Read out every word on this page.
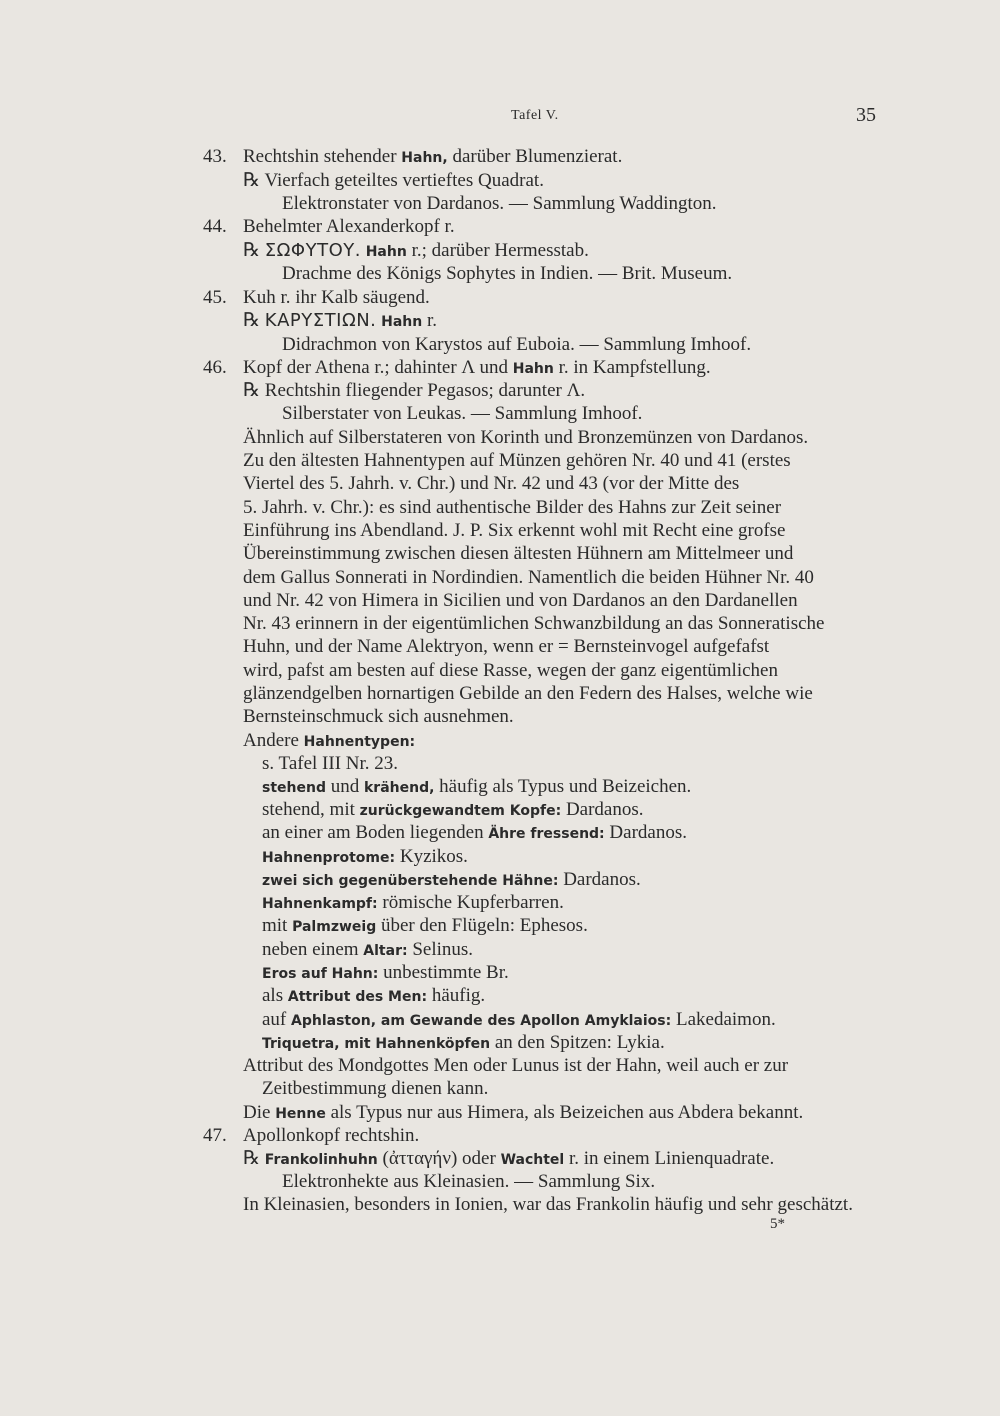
Tafel V.	35
43. Rechtshin stehender Hahn, darüber Blumenzierat.
℞ Vierfach geteiltes vertieftes Quadrat.
Elektronstater von Dardanos. — Sammlung Waddington.
44. Behelmter Alexanderkopf r.
℞ ΣΩΦΥΤΟΥ. Hahn r.; darüber Hermesstab.
Drachme des Königs Sophytes in Indien. — Brit. Museum.
45. Kuh r. ihr Kalb säugend.
℞ ΚΑΡΥΣΤΙΩΝ. Hahn r.
Didrachmon von Karystos auf Euboia. — Sammlung Imhoof.
46. Kopf der Athena r.; dahinter Λ und Hahn r. in Kampfstellung.
℞ Rechtshin fliegender Pegasos; darunter Λ.
Silberstater von Leukas. — Sammlung Imhoof.
Ähnlich auf Silberstateren von Korinth und Bronzemünzen von Dardanos.
Zu den ältesten Hahnentypen auf Münzen gehören Nr. 40 und 41 (erstes
Viertel des 5. Jahrh. v. Chr.) und Nr. 42 und 43 (vor der Mitte des
5. Jahrh. v. Chr.): es sind authentische Bilder des Hahns zur Zeit seiner
Einführung ins Abendland. J. P. Six erkennt wohl mit Recht eine grofse
Übereinstimmung zwischen diesen ältesten Hühnern am Mittelmeer und
dem Gallus Sonnerati in Nordindien. Namentlich die beiden Hühner Nr. 40
und Nr. 42 von Himera in Sicilien und von Dardanos an den Dardanellen
Nr. 43 erinnern in der eigentümlichen Schwanzbildung an das Sonneratische
Huhn, und der Name Alektryon, wenn er = Bernsteinvogel aufgefafst
wird, pafst am besten auf diese Rasse, wegen der ganz eigentümlichen
glänzendgelben hornartigen Gebilde an den Federn des Halses, welche wie
Bernsteinschmuck sich ausnehmen.
Andere Hahnentypen:
s. Tafel III Nr. 23.
stehend und krähend, häufig als Typus und Beizeichen.
stehend, mit zurückgewandtem Kopfe: Dardanos.
an einer am Boden liegenden Ähre fressend: Dardanos.
Hahnenprotome: Kyzikos.
zwei sich gegenüberstehende Hähne: Dardanos.
Hahnenkampf: römische Kupferbarren.
mit Palmzweig über den Flügeln: Ephesos.
neben einem Altar: Selinus.
Eros auf Hahn: unbestimmte Br.
als Attribut des Men: häufig.
auf Aphlaston, am Gewande des Apollon Amyklaios: Lakedaimon.
Triquetra, mit Hahnenköpfen an den Spitzen: Lykia.
Attribut des Mondgottes Men oder Lunus ist der Hahn, weil auch er zur
Zeitbestimmung dienen kann.
Die Henne als Typus nur aus Himera, als Beizeichen aus Abdera bekannt.
47. Apollonkopf rechtshin.
℞ Frankolinhuhn (ἀτταγήν) oder Wachtel r. in einem Linienquadrate.
Elektronhekte aus Kleinasien. — Sammlung Six.
In Kleinasien, besonders in Ionien, war das Frankolin häufig und sehr geschätzt.
5*
